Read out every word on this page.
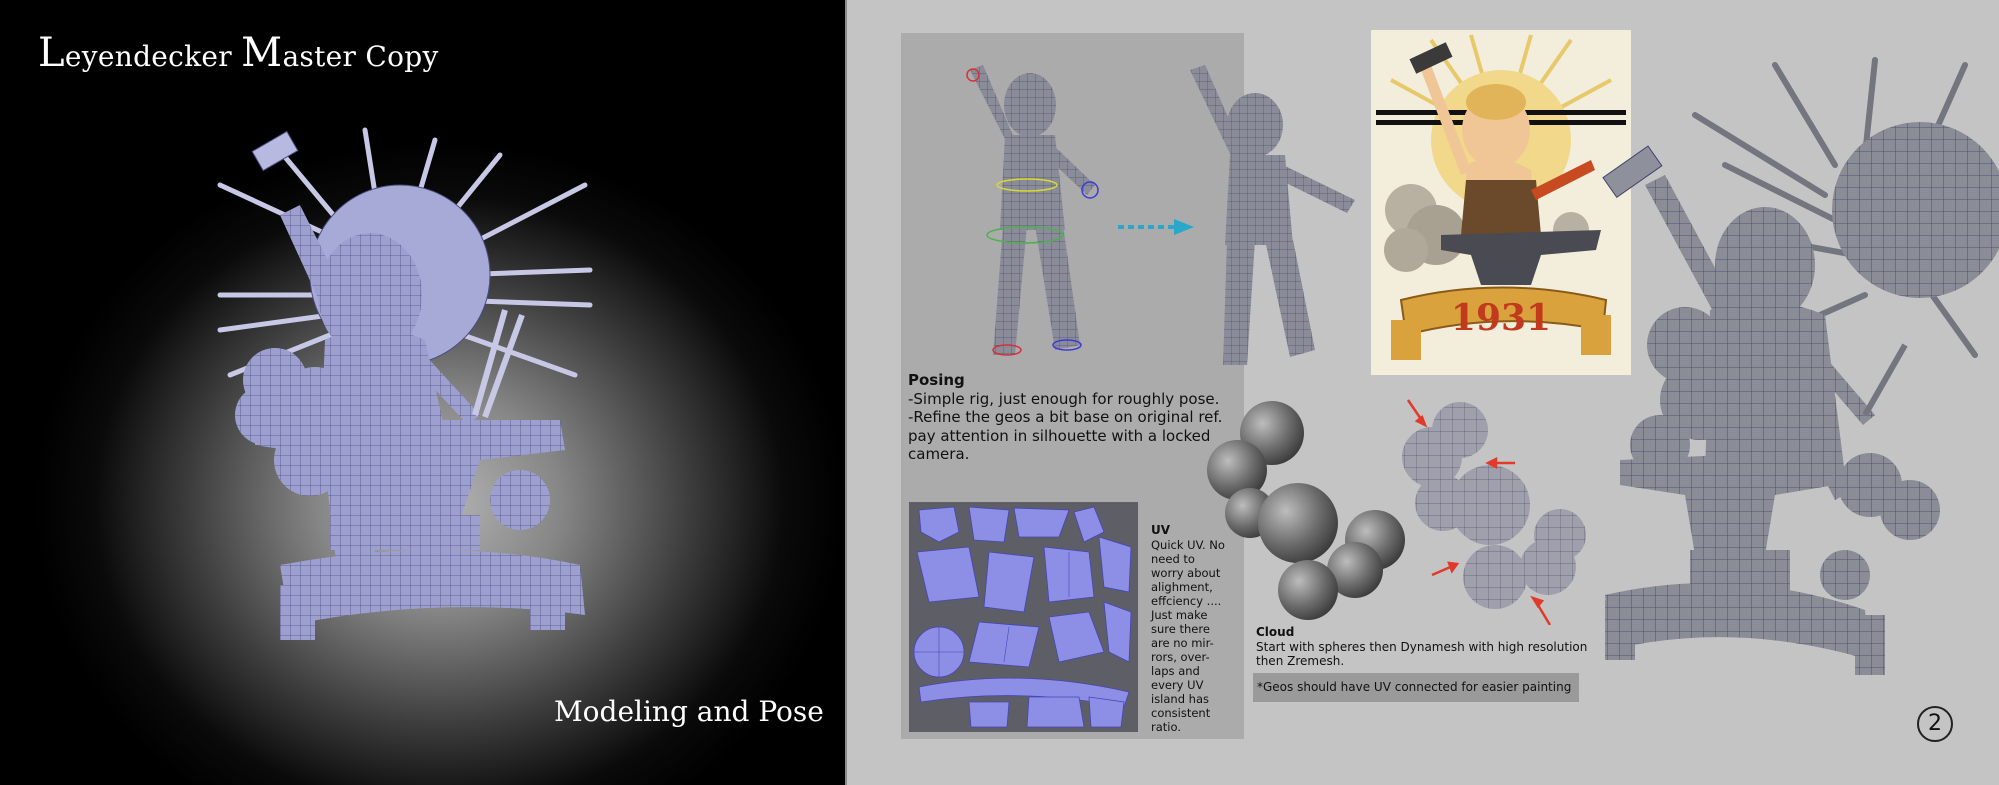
Leyendecker Master Copy
Modeling and Pose
Posing
-Simple rig, just enough for roughly pose.
-Refine the geos a bit base on original ref.
pay attention in silhouette with a locked
camera.
UV
Quick UV. No
need to
worry about
alighment,
effciency ....
Just make
sure there
are no mir-
rors, over-
laps and
every UV
island has
consistent
ratio.
1931
Cloud
Start with spheres then Dynamesh with high resolution
then Zremesh.
*Geos should have UV connected for easier painting
2
